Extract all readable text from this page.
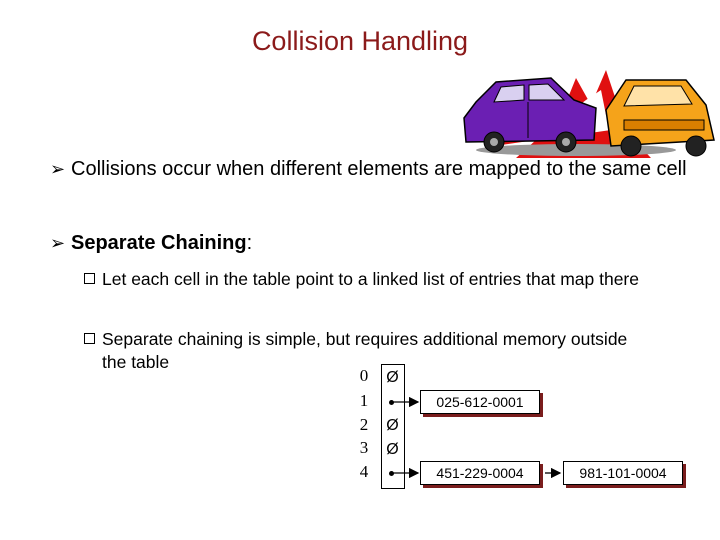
Collision Handling
➢ Collisions occur when different elements are mapped to the same cell
➢ Separate Chaining:
Let each cell in the table point to a linked list of entries that map there
Separate chaining is simple, but requires additional memory outside the table
0
1
2
3
4
Ø
Ø
Ø
025-612-0001
451-229-0004	981-101-0004
